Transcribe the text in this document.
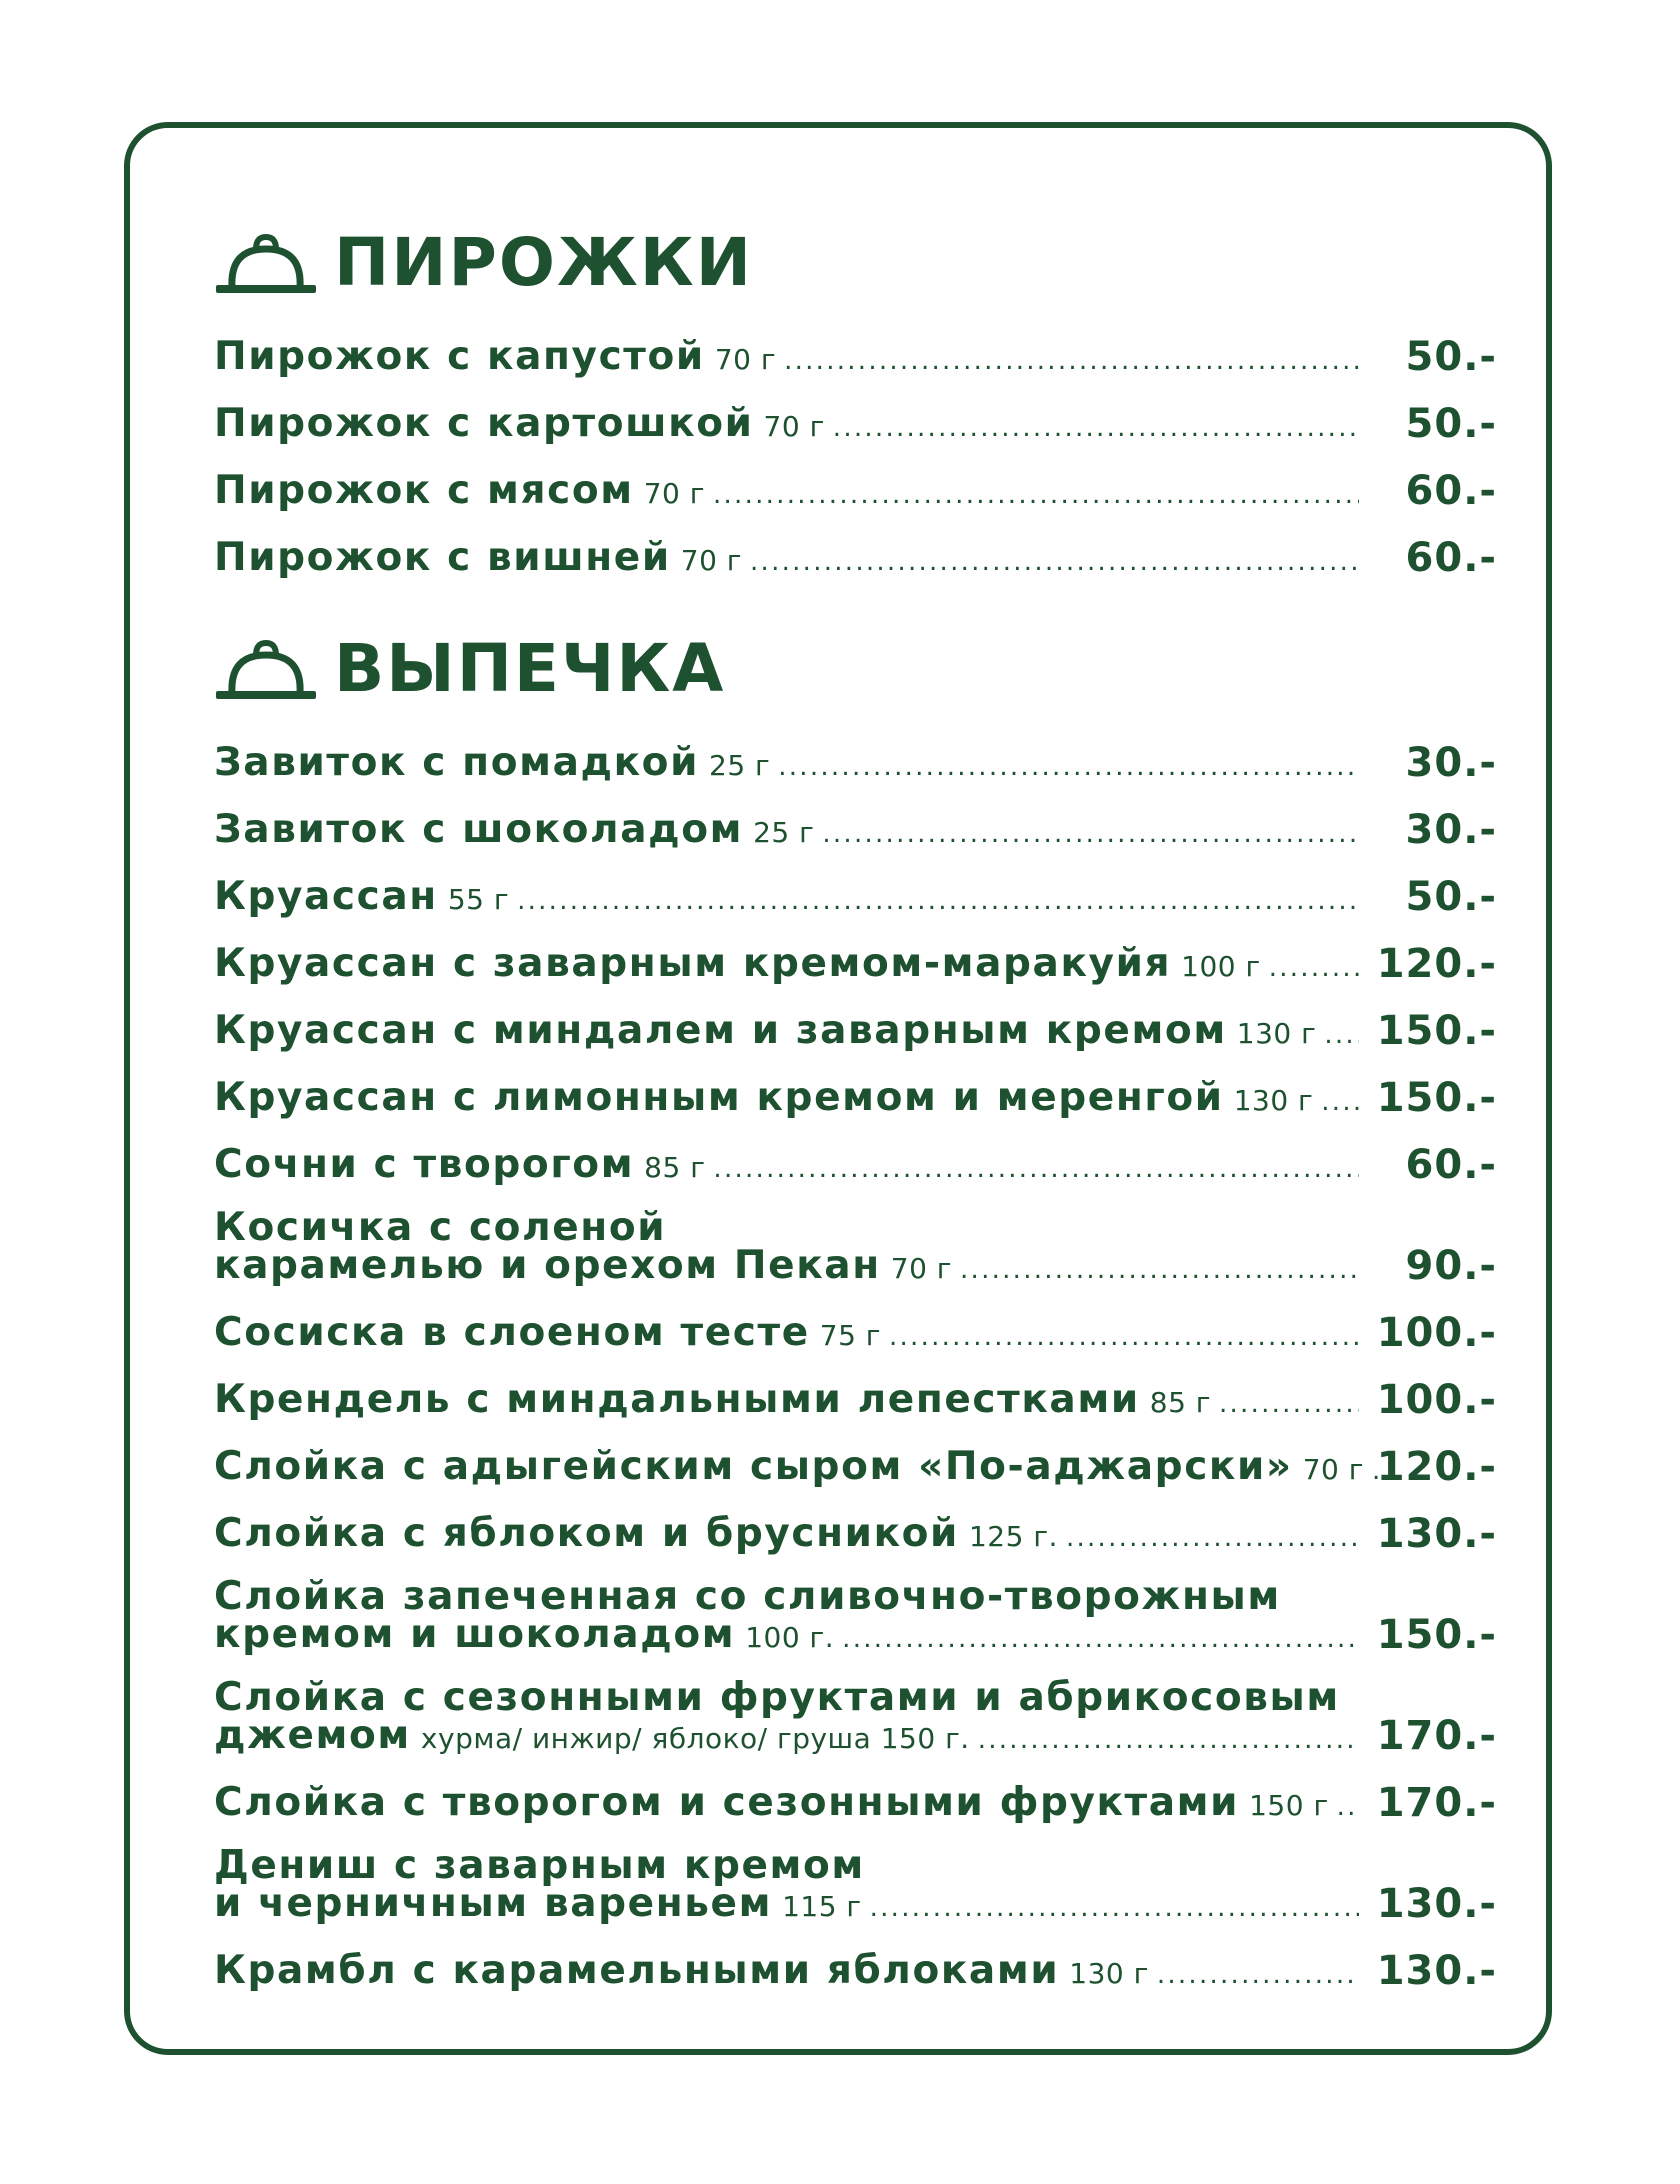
ПИРОЖКИ
Пирожок с капустой 70 г . . .	50.-
Пирожок с картошкой 70 г . . .	50.-
Пирожок с мясом 70 г . . .	60.-
Пирожок с вишней 70 г . . .	60.-
ВЫПЕЧКА
Завиток с помадкой 25 г . . .	30.-
Завиток с шоколадом 25 г . . .	30.-
Круассан 55 г . . .	50.-
Круассан с заварным кремом-маракуйя 100 г . . .	120.-
Круассан с миндалем и заварным кремом 130 г . . . 150.-
Круассан с лимонным кремом и меренгой 130 г . . . 150.-
Сочни с творогом 85 г . . .	60.-
Косичка с соленой
карамелью и орехом Пекан 70 г . . .	90.-
Сосиска в слоеном тесте 75 г . . .	100.-
Крендель с миндальными лепестками 85 г . . .	100.-
Слойка с адыгейским сыром «По-аджарски» 70 г . . . 120.-
Слойка с яблоком и брусникой 125 г. . . .	130.-
Слойка запеченная со сливочно-творожным
кремом и шоколадом 100 г. . . .	150.-
Слойка с сезонными фруктами и абрикосовым
джемом хурма/ инжир/ яблоко/ груша 150 г. . . .	170.-
Слойка с творогом и сезонными фруктами 150 г . . . 170.-
Дениш с заварным кремом
и черничным вареньем 115 г . . .	130.-
Крамбл с карамельными яблоками 130 г . . .	130.-
